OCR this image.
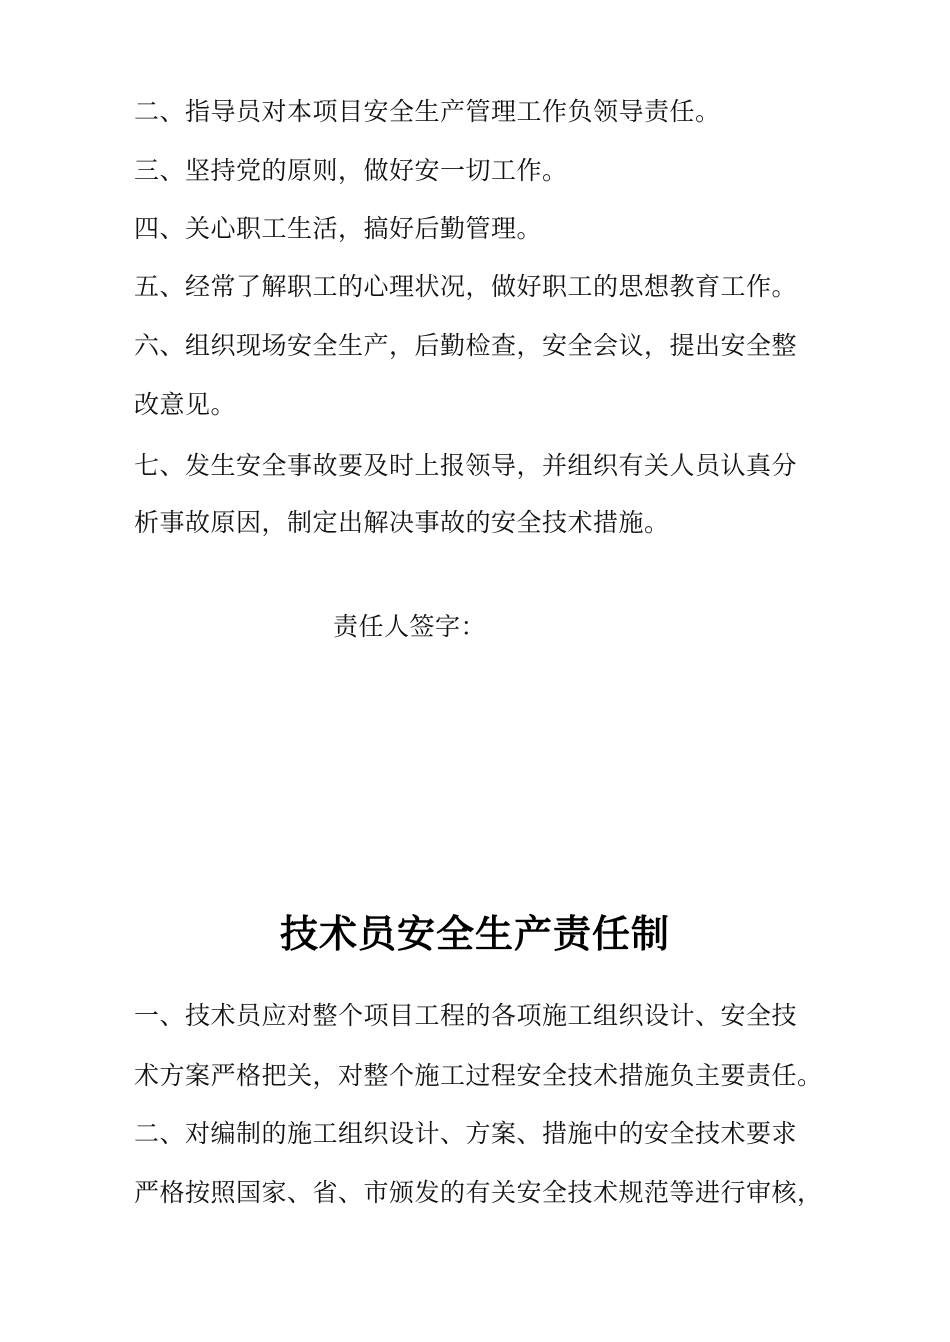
二、指导员对本项目安全生产管理工作负领导责任。
三、坚持党的原则，做好安一切工作。
四、关心职工生活，搞好后勤管理。
五、经常了解职工的心理状况，做好职工的思想教育工作。
六、组织现场安全生产，后勤检查，安全会议，提出安全整
改意见。
七、发生安全事故要及时上报领导，并组织有关人员认真分
析事故原因，制定出解决事故的安全技术措施。
责任人签字：
技术员安全生产责任制
一、技术员应对整个项目工程的各项施工组织设计、安全技
术方案严格把关，对整个施工过程安全技术措施负主要责任。
二、对编制的施工组织设计、方案、措施中的安全技术要求
严格按照国家、省、市颁发的有关安全技术规范等进行审核，
